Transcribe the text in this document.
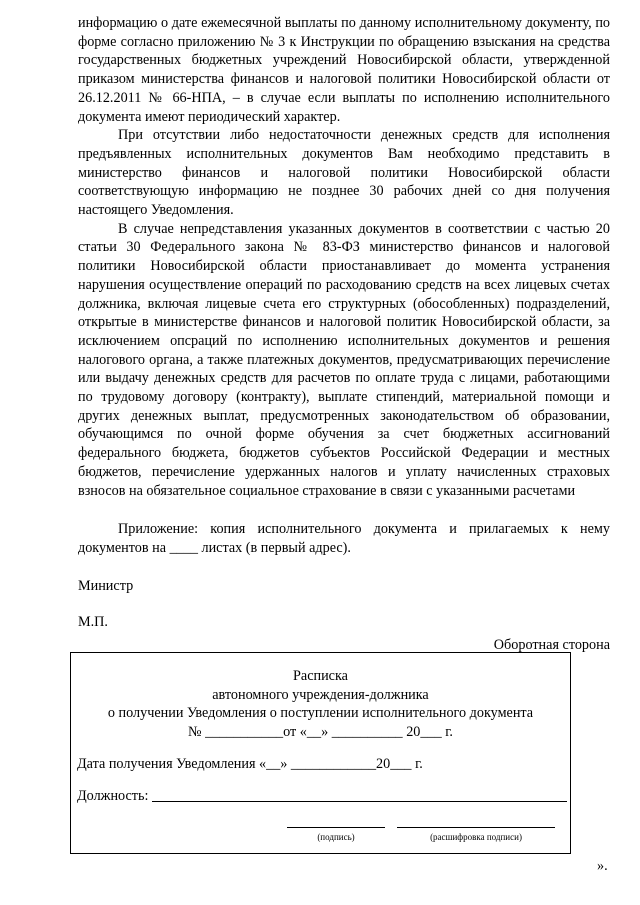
информацию о дате ежемесячной выплаты по данному исполнительному документу, по форме согласно приложению № 3 к Инструкции по обращению взыскания на средства государственных бюджетных учреждений Новосибирской области, утвержденной приказом министерства финансов и налоговой политики Новосибирской области от 26.12.2011 № 66-НПА, – в случае если выплаты по исполнению исполнительного документа имеют периодический характер.

При отсутствии либо недостаточности денежных средств для исполнения предъявленных исполнительных документов Вам необходимо представить в министерство финансов и налоговой политики Новосибирской области соответствующую информацию не позднее 30 рабочих дней со дня получения настоящего Уведомления.

В случае непредставления указанных документов в соответствии с частью 20 статьи 30 Федерального закона № 83-ФЗ министерство финансов и налоговой политики Новосибирской области приостанавливает до момента устранения нарушения осуществление операций по расходованию средств на всех лицевых счетах должника, включая лицевые счета его структурных (обособленных) подразделений, открытые в министерстве финансов и налоговой политик Новосибирской области, за исключением опсраций по исполнению исполнительных документов и решения налогового органа, а также платежных документов, предусматривающих перечисление или выдачу денежных средств для расчетов по оплате труда с лицами, работающими по трудовому договору (контракту), выплате стипендий, материальной помощи и других денежных выплат, предусмотренных законодательством об образовании, обучающимся по очной форме обучения за счет бюджетных ассигнований федерального бюджета, бюджетов субъектов Российской Федерации и местных бюджетов, перечисление удержанных налогов и уплату начисленных страховых взносов на обязательное социальное страхование в связи с указанными расчетами

Приложение: копия исполнительного документа и прилагаемых к нему документов на ____ листах (в первый адрес).

Министр

М.П.

Оборотная сторона

Расписка
автономного учреждения-должника
о получении Уведомления о поступлении исполнительного документа
№ ___________от «__» __________ 20___ г.
Дата получения Уведомления «__» ____________20___ г.
Должность:
(подпись)	(расшифровка подписи)
».
